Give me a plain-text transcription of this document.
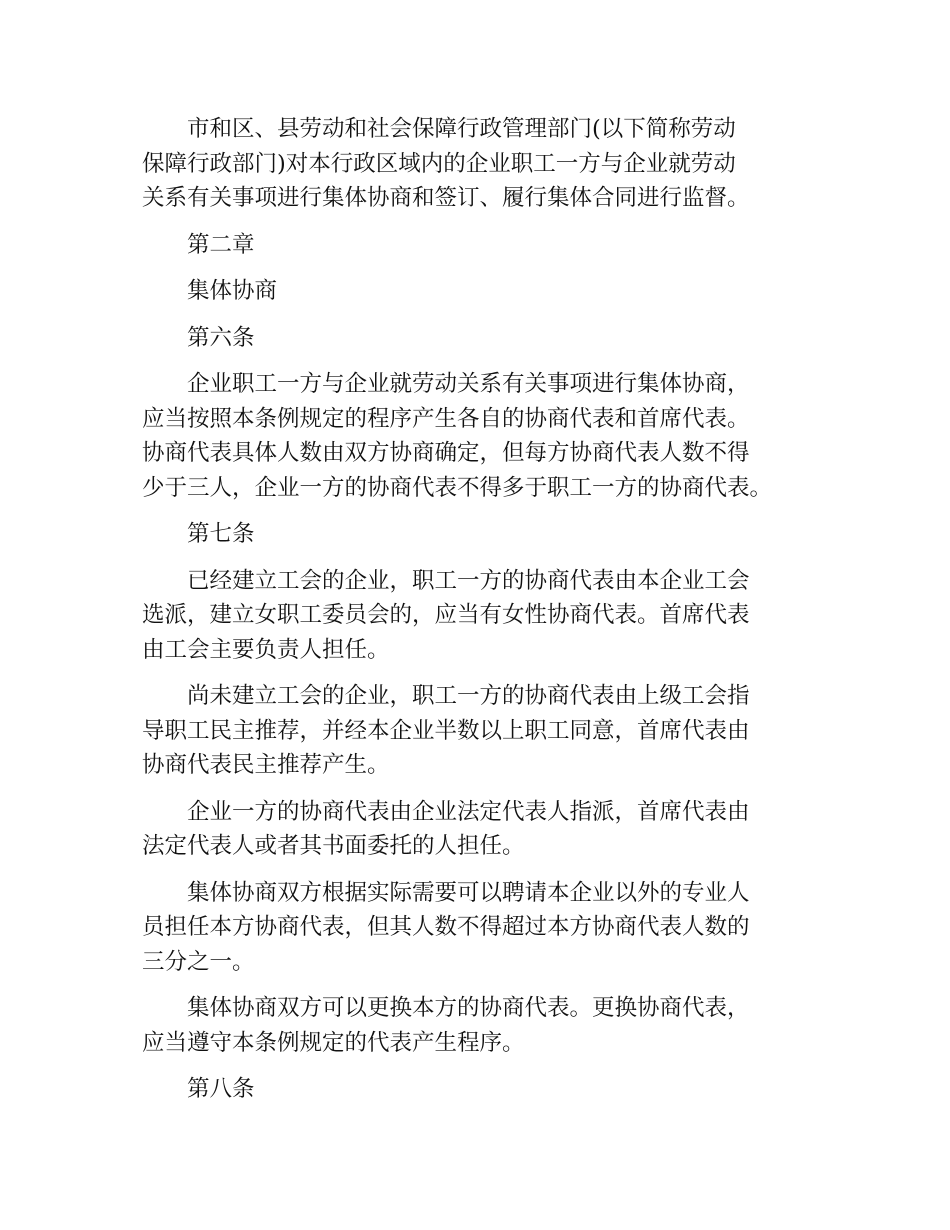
市和区、县劳动和社会保障行政管理部门(以下简称劳动
保障行政部门)对本行政区域内的企业职工一方与企业就劳动
关系有关事项进行集体协商和签订、履行集体合同进行监督。

第二章

集体协商

第六条

企业职工一方与企业就劳动关系有关事项进行集体协商，
应当按照本条例规定的程序产生各自的协商代表和首席代表。
协商代表具体人数由双方协商确定，但每方协商代表人数不得
少于三人，企业一方的协商代表不得多于职工一方的协商代表。

第七条

已经建立工会的企业，职工一方的协商代表由本企业工会
选派，建立女职工委员会的，应当有女性协商代表。首席代表
由工会主要负责人担任。

尚未建立工会的企业，职工一方的协商代表由上级工会指
导职工民主推荐，并经本企业半数以上职工同意，首席代表由
协商代表民主推荐产生。

企业一方的协商代表由企业法定代表人指派，首席代表由
法定代表人或者其书面委托的人担任。

集体协商双方根据实际需要可以聘请本企业以外的专业人
员担任本方协商代表，但其人数不得超过本方协商代表人数的
三分之一。

集体协商双方可以更换本方的协商代表。更换协商代表，
应当遵守本条例规定的代表产生程序。

第八条
